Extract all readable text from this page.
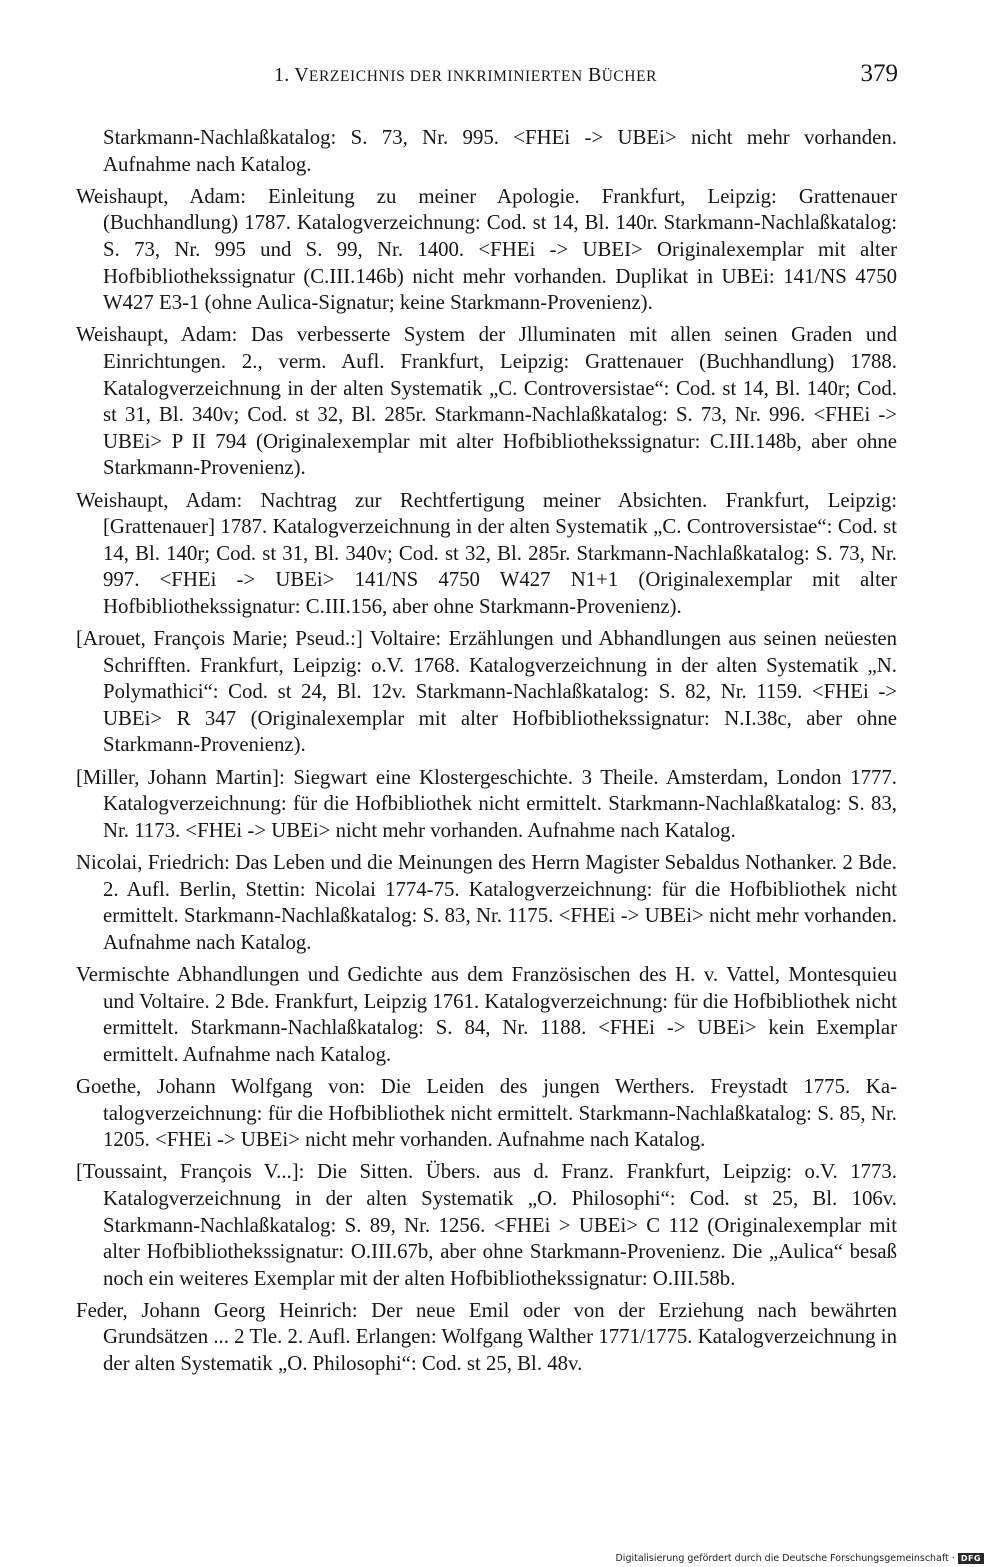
1. VERZEICHNIS DER INKRIMINIERTEN BÜCHER	379

Starkmann-Nachlaßkatalog: S. 73, Nr. 995. <FHEi -> UBEi> nicht mehr vorhanden. Aufnahme nach Katalog.

Weishaupt, Adam: Einleitung zu meiner Apologie. Frankfurt, Leipzig: Grattenauer (Buchhandlung) 1787. Katalogverzeichnung: Cod. st 14, Bl. 140r. Starkmann-Nachlaßkatalog: S. 73, Nr. 995 und S. 99, Nr. 1400. <FHEi -> UBEI> Originalexemplar mit alter Hofbibliothekssignatur (C.III.146b) nicht mehr vorhanden. Duplikat in UBEi: 141/NS 4750 W427 E3-1 (ohne Aulica-Signatur; keine Starkmann-Provenienz).

Weishaupt, Adam: Das verbesserte System der Jlluminaten mit allen seinen Graden und Einrichtungen. 2., verm. Aufl. Frankfurt, Leipzig: Grattenauer (Buchhandlung) 1788. Katalogverzeichnung in der alten Systematik „C. Controversistae“: Cod. st 14, Bl. 140r; Cod. st 31, Bl. 340v; Cod. st 32, Bl. 285r. Starkmann-Nachlaßkatalog: S. 73, Nr. 996. <FHEi -> UBEi> P II 794 (Originalexemplar mit alter Hofbibliothekssignatur: C.III.148b, aber ohne Starkmann-Provenienz).

Weishaupt, Adam: Nachtrag zur Rechtfertigung meiner Absichten. Frankfurt, Leipzig: [Grattenauer] 1787. Katalogverzeichnung in der alten Systematik „C. Controversistae“: Cod. st 14, Bl. 140r; Cod. st 31, Bl. 340v; Cod. st 32, Bl. 285r. Starkmann-Nachlaßkatalog: S. 73, Nr. 997. <FHEi -> UBEi> 141/NS 4750 W427 N1+1 (Originalexemplar mit alter Hofbibliothekssignatur: C.III.156, aber ohne Starkmann-Provenienz).

[Arouet, François Marie; Pseud.:] Voltaire: Erzählungen und Abhandlungen aus seinen neüesten Schrifften. Frankfurt, Leipzig: o.V. 1768. Katalogverzeichnung in der alten Systematik „N. Polymathici“: Cod. st 24, Bl. 12v. Starkmann-Nachlaßkatalog: S. 82, Nr. 1159. <FHEi -> UBEi> R 347 (Originalexemplar mit alter Hofbibliothekssignatur: N.I.38c, aber ohne Starkmann-Provenienz).

[Miller, Johann Martin]: Siegwart eine Klostergeschichte. 3 Theile. Amsterdam, London 1777. Katalogverzeichnung: für die Hofbibliothek nicht ermittelt. Starkmann-Nachlaßkatalog: S. 83, Nr. 1173. <FHEi -> UBEi> nicht mehr vorhanden. Aufnahme nach Katalog.

Nicolai, Friedrich: Das Leben und die Meinungen des Herrn Magister Sebaldus Nothanker. 2 Bde. 2. Aufl. Berlin, Stettin: Nicolai 1774-75. Katalogverzeichnung: für die Hofbibliothek nicht ermittelt. Starkmann-Nachlaßkatalog: S. 83, Nr. 1175. <FHEi -> UBEi> nicht mehr vorhanden. Aufnahme nach Katalog.

Vermischte Abhandlungen und Gedichte aus dem Französischen des H. v. Vattel, Montesquieu und Voltaire. 2 Bde. Frankfurt, Leipzig 1761. Katalogverzeichnung: für die Hofbibliothek nicht ermittelt. Starkmann-Nachlaßkatalog: S. 84, Nr. 1188. <FHEi -> UBEi> kein Exemplar ermittelt. Aufnahme nach Katalog.

Goethe, Johann Wolfgang von: Die Leiden des jungen Werthers. Freystadt 1775. Katalogverzeichnung: für die Hofbibliothek nicht ermittelt. Starkmann-Nachlaßkatalog: S. 85, Nr. 1205. <FHEi -> UBEi> nicht mehr vorhanden. Aufnahme nach Katalog.

[Toussaint, François V...]: Die Sitten. Übers. aus d. Franz. Frankfurt, Leipzig: o.V. 1773. Katalogverzeichnung in der alten Systematik „O. Philosophi“: Cod. st 25, Bl. 106v. Starkmann-Nachlaßkatalog: S. 89, Nr. 1256. <FHEi > UBEi> C 112 (Originalexemplar mit alter Hofbibliothekssignatur: O.III.67b, aber ohne Starkmann-Provenienz. Die „Aulica“ besaß noch ein weiteres Exemplar mit der alten Hofbibliothekssignatur: O.III.58b.

Feder, Johann Georg Heinrich: Der neue Emil oder von der Erziehung nach bewährten Grundsätzen ... 2 Tle. 2. Aufl. Erlangen: Wolfgang Walther 1771/1775. Katalogverzeichnung in der alten Systematik „O. Philosophi“: Cod. st 25, Bl. 48v.

Digitalisierung gefördert durch die Deutsche Forschungsgemeinschaft · DFG
